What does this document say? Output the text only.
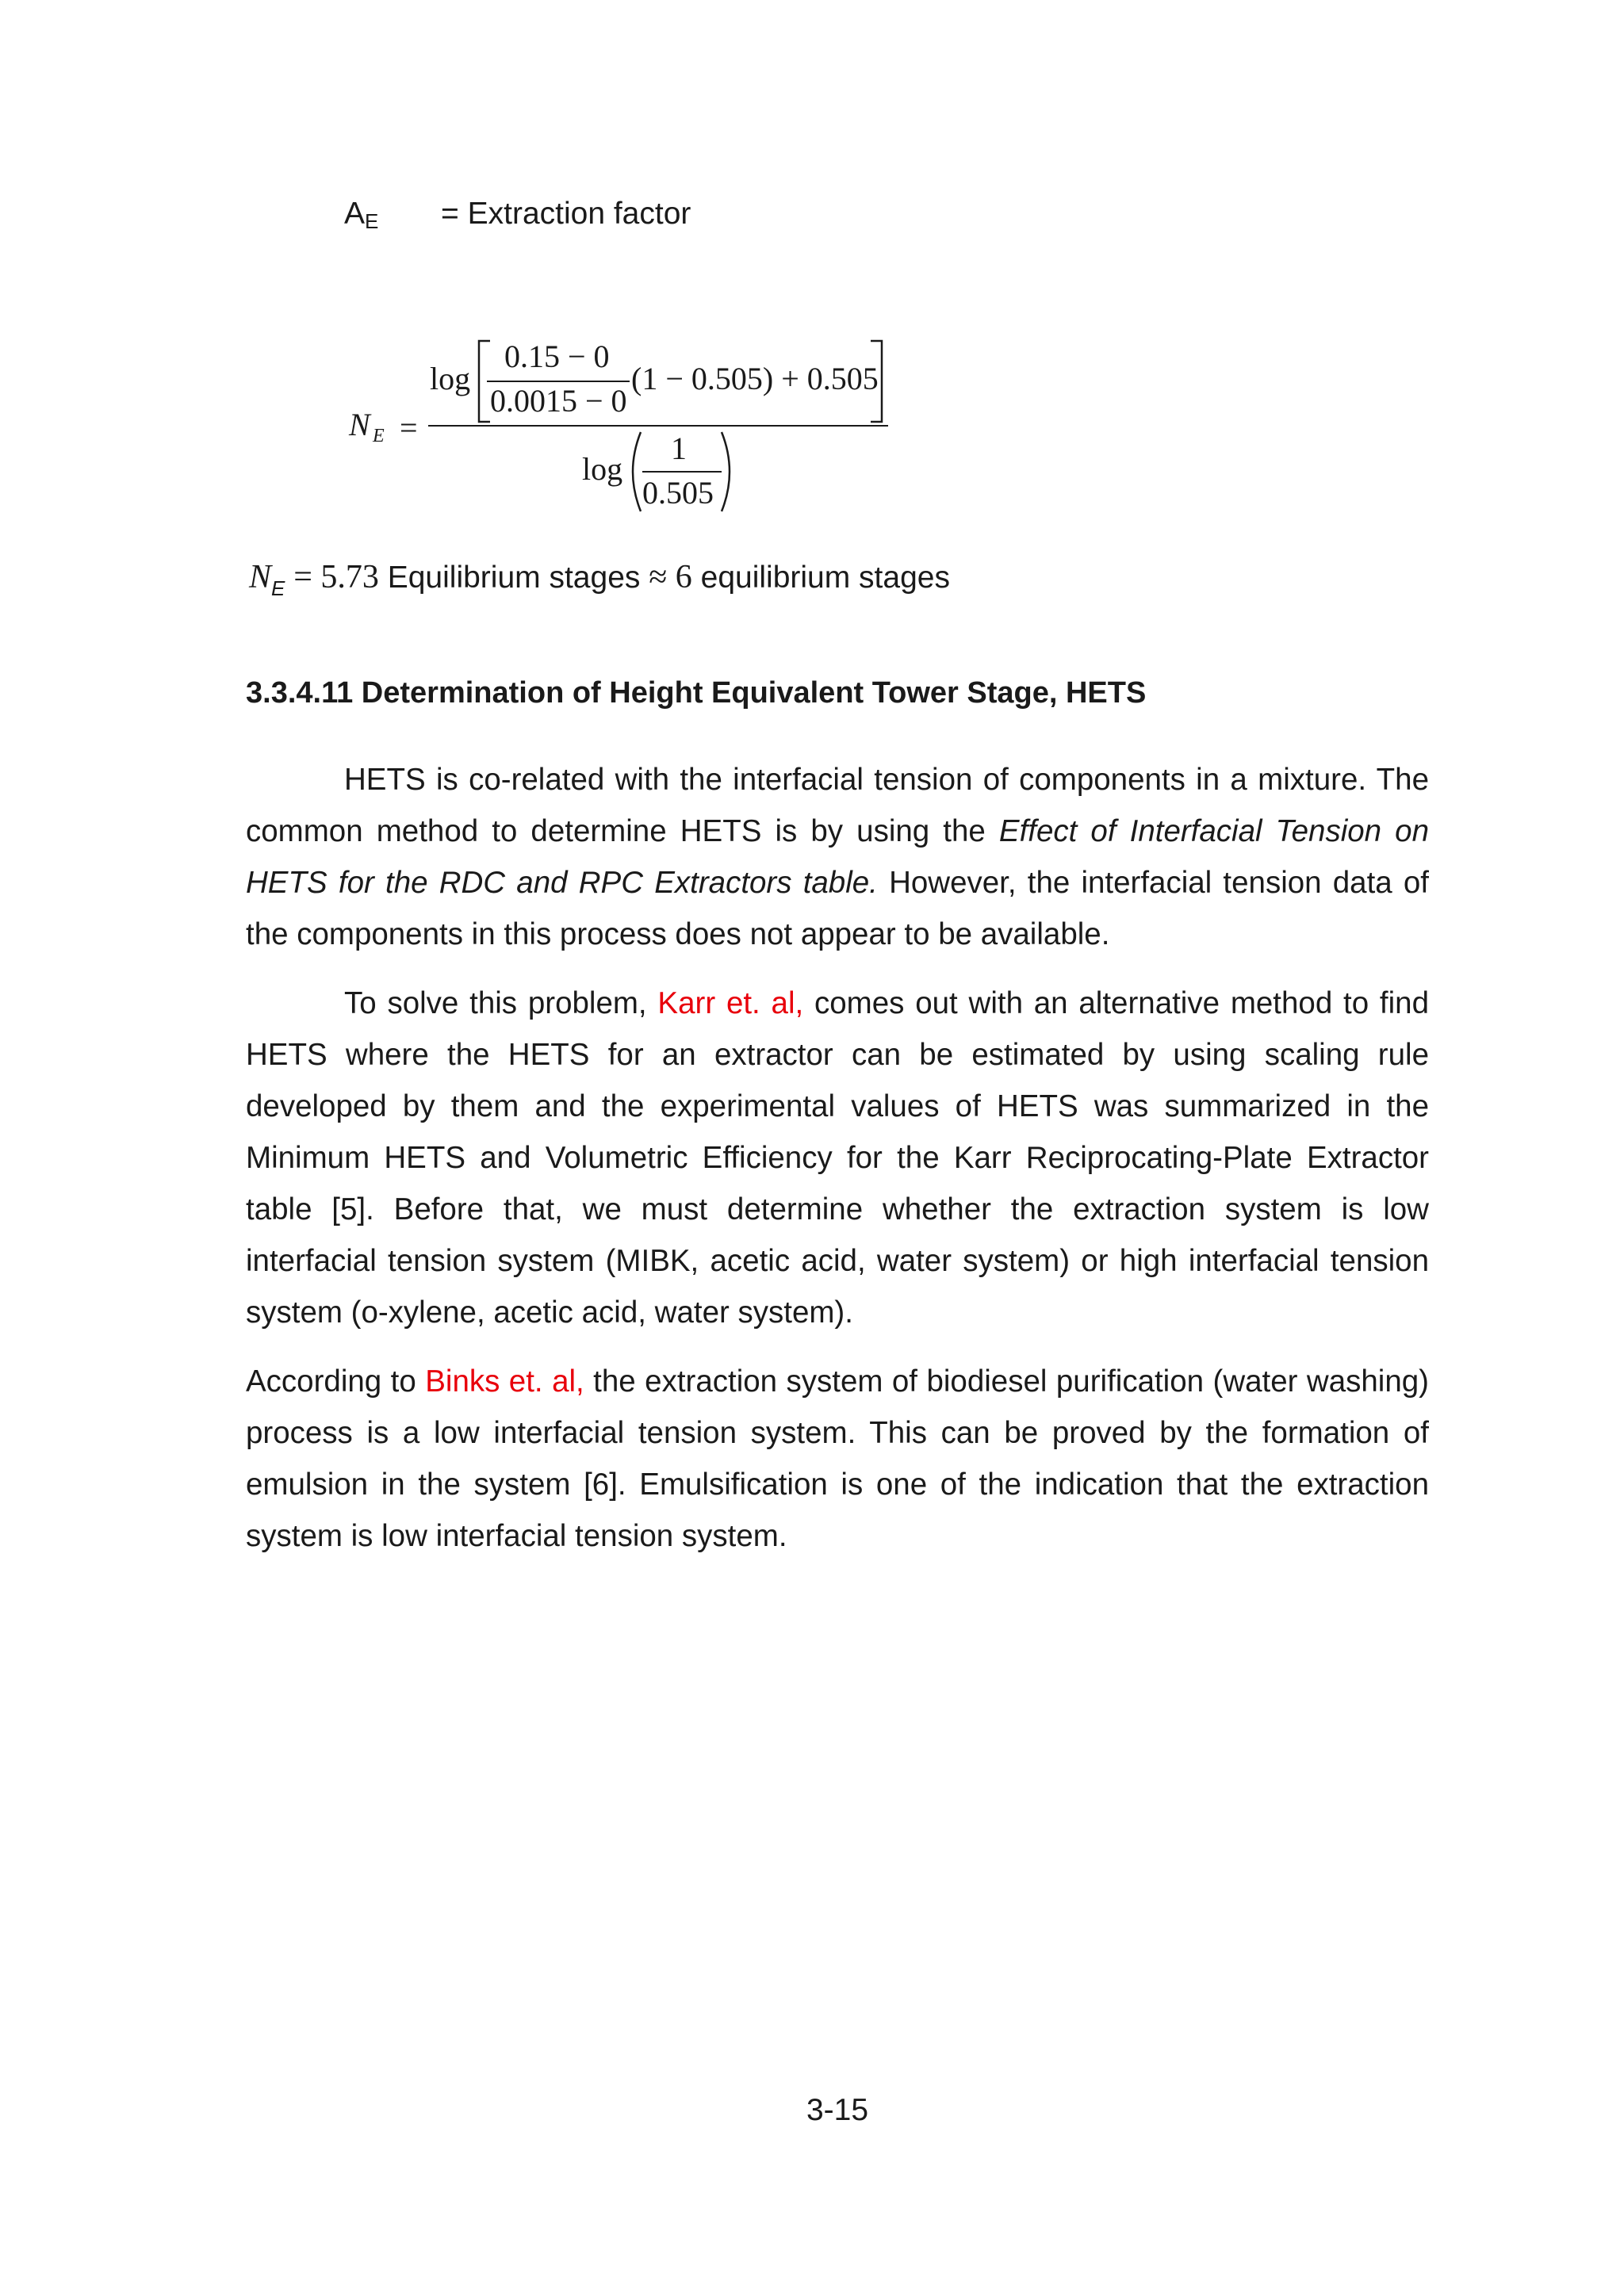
$A_E$ = Extraction factor
N E =
log
0.15 − 0
0.0015 − 0
(1 − 0.505) + 0.505
log
1
0.505
$N_E = 5.73$ Equilibrium stages ≈ 6 equilibrium stages
3.3.4.11 Determination of Height Equivalent Tower Stage, HETS

HETS is co-related with the interfacial tension of components in a mixture. The common method to determine HETS is by using the Effect of Interfacial Tension on HETS for the RDC and RPC Extractors table. However, the interfacial tension data of the components in this process does not appear to be available.

To solve this problem, Karr et. al, comes out with an alternative method to find HETS where the HETS for an extractor can be estimated by using scaling rule developed by them and the experimental values of HETS was summarized in the Minimum HETS and Volumetric Efficiency for the Karr Reciprocating-Plate Extractor table [5]. Before that, we must determine whether the extraction system is low interfacial tension system (MIBK, acetic acid, water system) or high interfacial tension system (o-xylene, acetic acid, water system).

According to Binks et. al, the extraction system of biodiesel purification (water washing) process is a low interfacial tension system. This can be proved by the formation of emulsion in the system [6]. Emulsification is one of the indication that the extraction system is low interfacial tension system.

3-15
